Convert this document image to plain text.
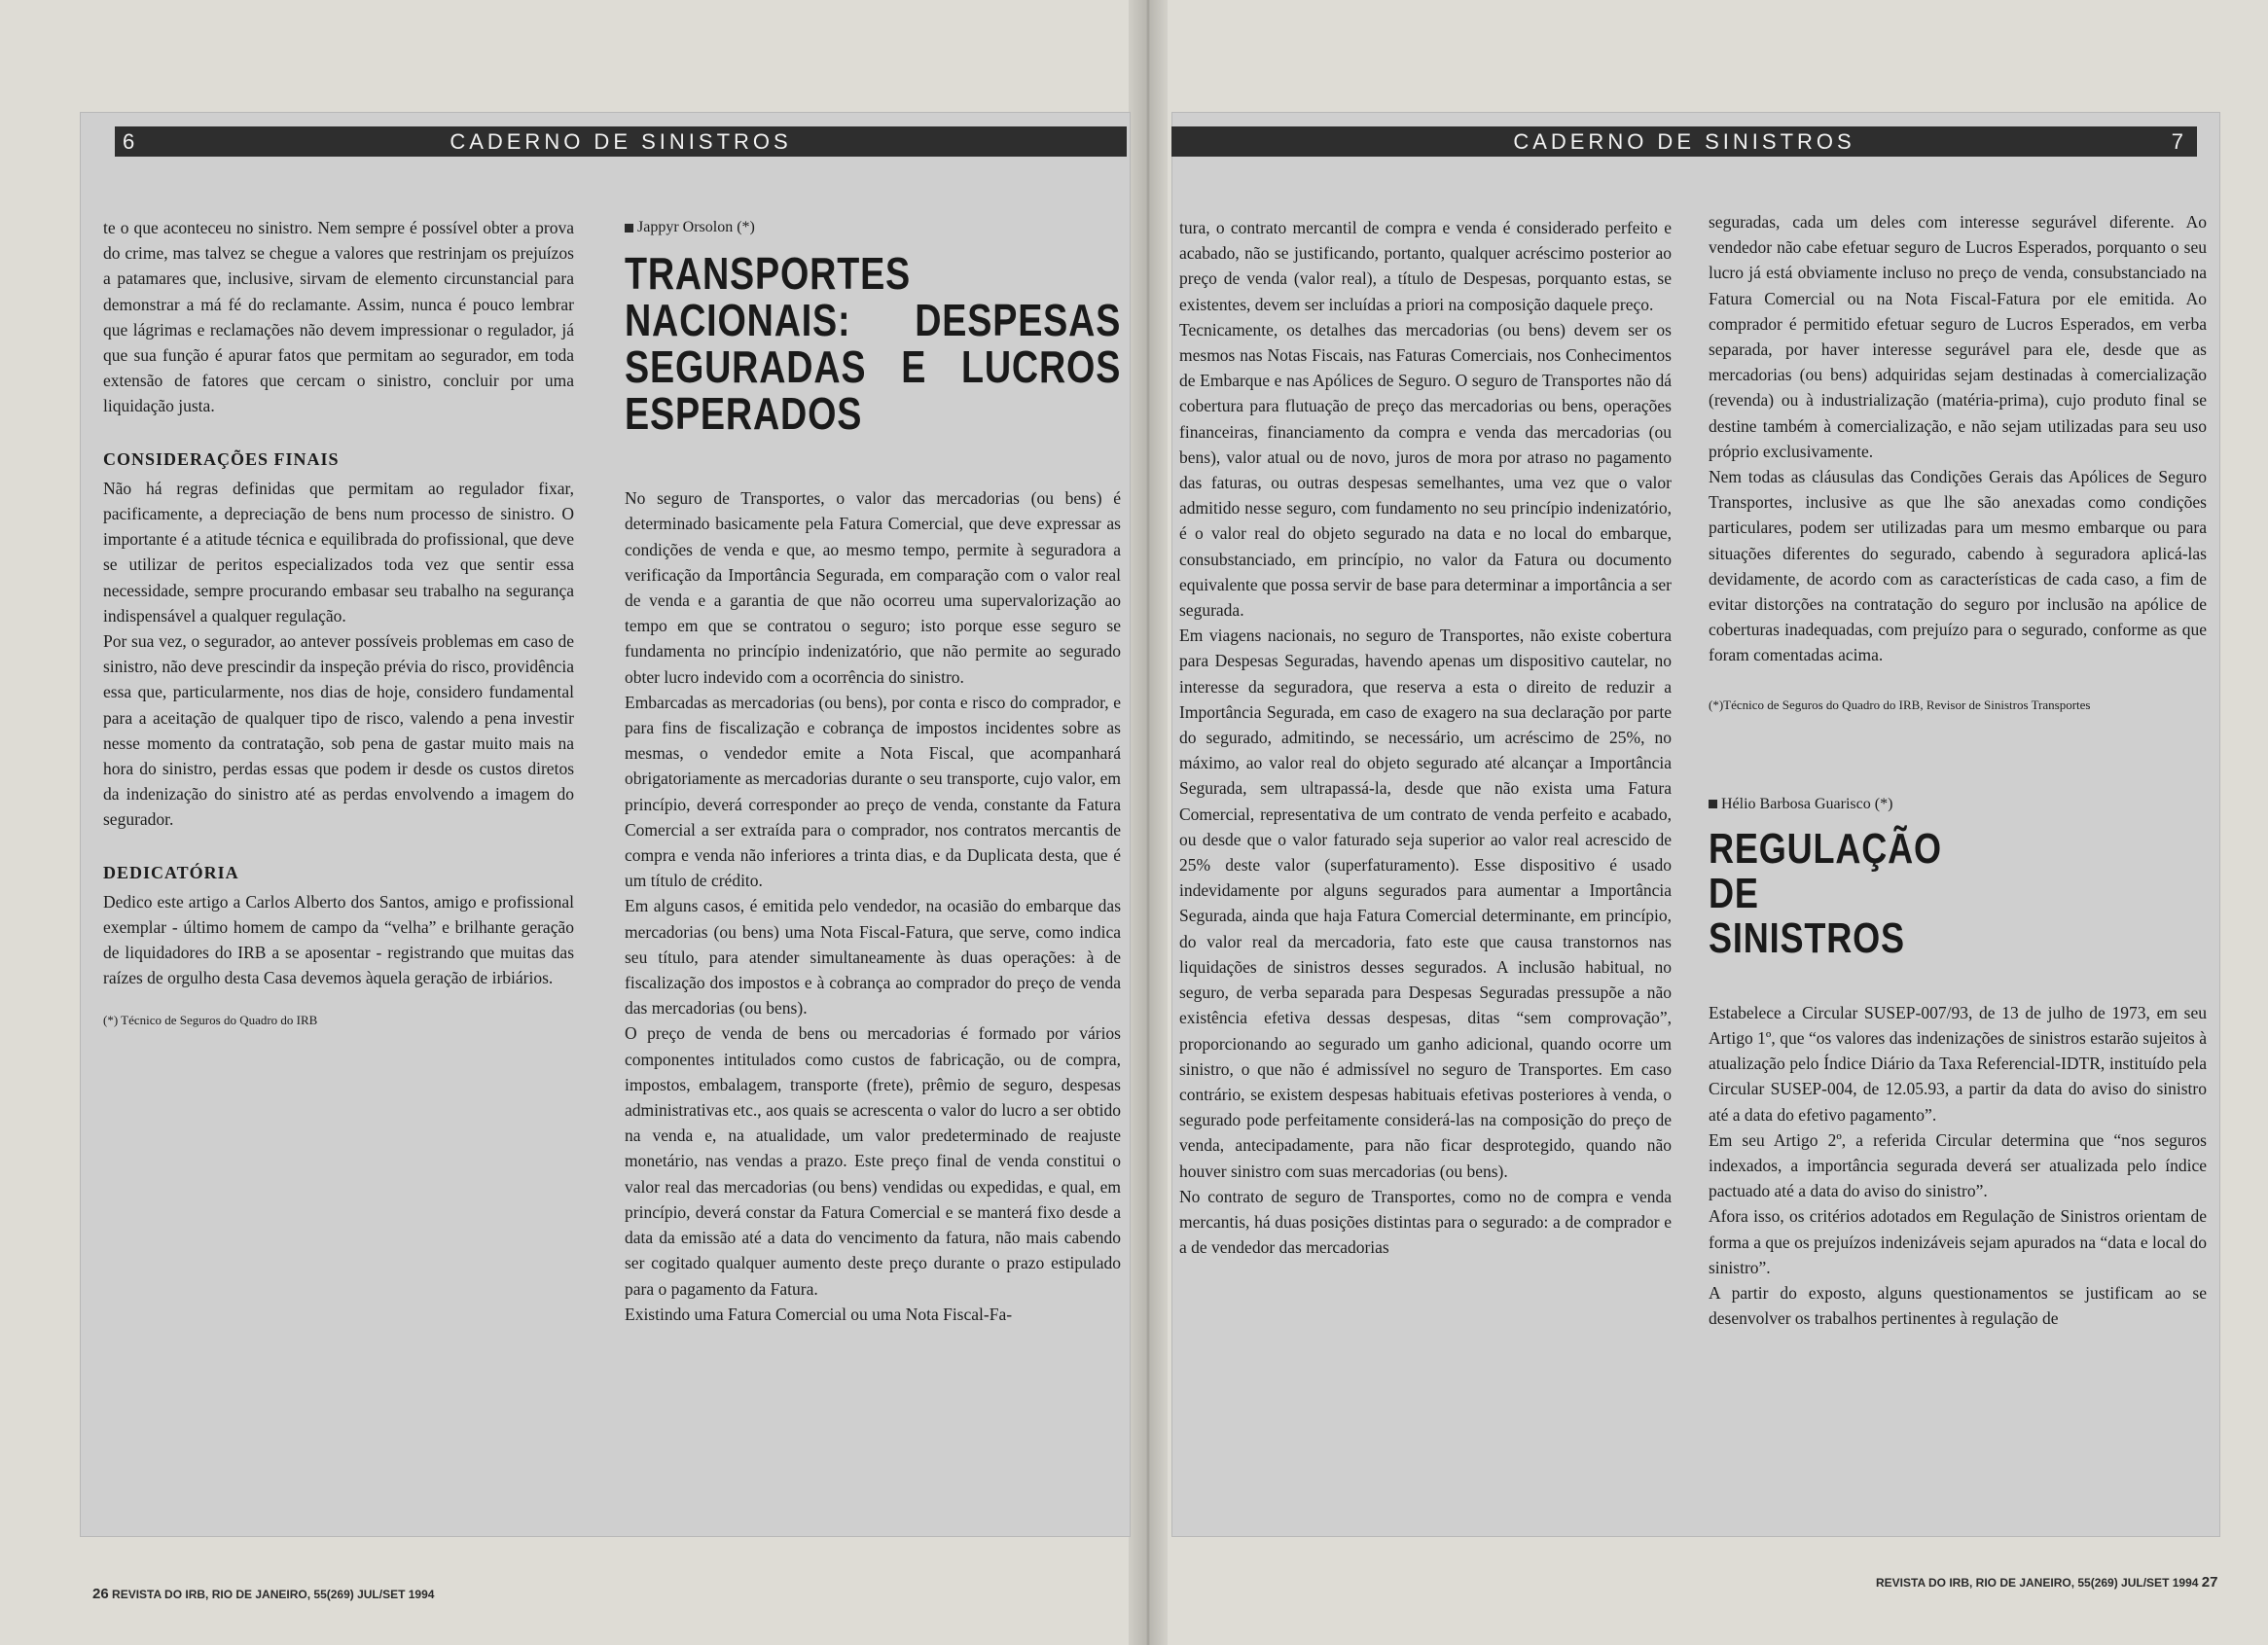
6	CADERNO DE SINISTROS

te o que aconteceu no sinistro. Nem sempre é possível obter a prova do crime, mas talvez se chegue a valores que restrinjam os prejuízos a patamares que, inclusive, sirvam de elemento circunstancial para demonstrar a má fé do reclamante. Assim, nunca é pouco lembrar que lágrimas e reclamações não devem impressionar o regulador, já que sua função é apurar fatos que permitam ao segurador, em toda extensão de fatores que cercam o sinistro, concluir por uma liquidação justa.

CONSIDERAÇÕES FINAIS

Não há regras definidas que permitam ao regulador fixar, pacificamente, a depreciação de bens num processo de sinistro. O importante é a atitude técnica e equilibrada do profissional, que deve se utilizar de peritos especializados toda vez que sentir essa necessidade, sempre procurando embasar seu trabalho na segurança indispensável a qualquer regulação.

Por sua vez, o segurador, ao antever possíveis problemas em caso de sinistro, não deve prescindir da inspeção prévia do risco, providência essa que, particularmente, nos dias de hoje, considero fundamental para a aceitação de qualquer tipo de risco, valendo a pena investir nesse momento da contratação, sob pena de gastar muito mais na hora do sinistro, perdas essas que podem ir desde os custos diretos da indenização do sinistro até as perdas envolvendo a imagem do segurador.

DEDICATÓRIA

Dedico este artigo a Carlos Alberto dos Santos, amigo e profissional exemplar - último homem de campo da “velha” e brilhante geração de liquidadores do IRB a se aposentar - registrando que muitas das raízes de orgulho desta Casa devemos àquela geração de irbiários.

(*) Técnico de Seguros do Quadro do IRB
Jappyr Orsolon (*)
TRANSPORTES NACIONAIS: DESPESAS SEGURADAS E LUCROS ESPERADOS

No seguro de Transportes, o valor das mercadorias (ou bens) é determinado basicamente pela Fatura Comercial, que deve expressar as condições de venda e que, ao mesmo tempo, permite à seguradora a verificação da Importância Segurada, em comparação com o valor real de venda e a garantia de que não ocorreu uma supervalorização ao tempo em que se contratou o seguro; isto porque esse seguro se fundamenta no princípio indenizatório, que não permite ao segurado obter lucro indevido com a ocorrência do sinistro.

Embarcadas as mercadorias (ou bens), por conta e risco do comprador, e para fins de fiscalização e cobrança de impostos incidentes sobre as mesmas, o vendedor emite a Nota Fiscal, que acompanhará obrigatoriamente as mercadorias durante o seu transporte, cujo valor, em princípio, deverá corresponder ao preço de venda, constante da Fatura Comercial a ser extraída para o comprador, nos contratos mercantis de compra e venda não inferiores a trinta dias, e da Duplicata desta, que é um título de crédito.

Em alguns casos, é emitida pelo vendedor, na ocasião do embarque das mercadorias (ou bens) uma Nota Fiscal-Fatura, que serve, como indica seu título, para atender simultaneamente às duas operações: à de fiscalização dos impostos e à cobrança ao comprador do preço de venda das mercadorias (ou bens).

O preço de venda de bens ou mercadorias é formado por vários componentes intitulados como custos de fabricação, ou de compra, impostos, embalagem, transporte (frete), prêmio de seguro, despesas administrativas etc., aos quais se acrescenta o valor do lucro a ser obtido na venda e, na atualidade, um valor predeterminado de reajuste monetário, nas vendas a prazo. Este preço final de venda constitui o valor real das mercadorias (ou bens) vendidas ou expedidas, e qual, em princípio, deverá constar da Fatura Comercial e se manterá fixo desde a data da emissão até a data do vencimento da fatura, não mais cabendo ser cogitado qualquer aumento deste preço durante o prazo estipulado para o pagamento da Fatura.

Existindo uma Fatura Comercial ou uma Nota Fiscal-Fa-

26 REVISTA DO IRB, RIO DE JANEIRO, 55(269) JUL/SET 1994
CADERNO DE SINISTROS	7

tura, o contrato mercantil de compra e venda é considerado perfeito e acabado, não se justificando, portanto, qualquer acréscimo posterior ao preço de venda (valor real), a título de Despesas, porquanto estas, se existentes, devem ser incluídas a priori na composição daquele preço.

Tecnicamente, os detalhes das mercadorias (ou bens) devem ser os mesmos nas Notas Fiscais, nas Faturas Comerciais, nos Conhecimentos de Embarque e nas Apólices de Seguro. O seguro de Transportes não dá cobertura para flutuação de preço das mercadorias ou bens, operações financeiras, financiamento da compra e venda das mercadorias (ou bens), valor atual ou de novo, juros de mora por atraso no pagamento das faturas, ou outras despesas semelhantes, uma vez que o valor admitido nesse seguro, com fundamento no seu princípio indenizatório, é o valor real do objeto segurado na data e no local do embarque, consubstanciado, em princípio, no valor da Fatura ou documento equivalente que possa servir de base para determinar a importância a ser segurada.

Em viagens nacionais, no seguro de Transportes, não existe cobertura para Despesas Seguradas, havendo apenas um dispositivo cautelar, no interesse da seguradora, que reserva a esta o direito de reduzir a Importância Segurada, em caso de exagero na sua declaração por parte do segurado, admitindo, se necessário, um acréscimo de 25%, no máximo, ao valor real do objeto segurado até alcançar a Importância Segurada, sem ultrapassá-la, desde que não exista uma Fatura Comercial, representativa de um contrato de venda perfeito e acabado, ou desde que o valor faturado seja superior ao valor real acrescido de 25% deste valor (superfaturamento). Esse dispositivo é usado indevidamente por alguns segurados para aumentar a Importância Segurada, ainda que haja Fatura Comercial determinante, em princípio, do valor real da mercadoria, fato este que causa transtornos nas liquidações de sinistros desses segurados. A inclusão habitual, no seguro, de verba separada para Despesas Seguradas pressupõe a não existência efetiva dessas despesas, ditas “sem comprovação”, proporcionando ao segurado um ganho adicional, quando ocorre um sinistro, o que não é admissível no seguro de Transportes. Em caso contrário, se existem despesas habituais efetivas posteriores à venda, o segurado pode perfeitamente considerá-las na composição do preço de venda, antecipadamente, para não ficar desprotegido, quando não houver sinistro com suas mercadorias (ou bens).

No contrato de seguro de Transportes, como no de compra e venda mercantis, há duas posições distintas para o segurado: a de comprador e a de vendedor das mercadorias

seguradas, cada um deles com interesse segurável diferente. Ao vendedor não cabe efetuar seguro de Lucros Esperados, porquanto o seu lucro já está obviamente incluso no preço de venda, consubstanciado na Fatura Comercial ou na Nota Fiscal-Fatura por ele emitida. Ao comprador é permitido efetuar seguro de Lucros Esperados, em verba separada, por haver interesse segurável para ele, desde que as mercadorias (ou bens) adquiridas sejam destinadas à comercialização (revenda) ou à industrialização (matéria-prima), cujo produto final se destine também à comercialização, e não sejam utilizadas para seu uso próprio exclusivamente.

Nem todas as cláusulas das Condições Gerais das Apólices de Seguro Transportes, inclusive as que lhe são anexadas como condições particulares, podem ser utilizadas para um mesmo embarque ou para situações diferentes do segurado, cabendo à seguradora aplicá-las devidamente, de acordo com as características de cada caso, a fim de evitar distorções na contratação do seguro por inclusão na apólice de coberturas inadequadas, com prejuízo para o segurado, conforme as que foram comentadas acima.

(*)Técnico de Seguros do Quadro do IRB, Revisor de Sinistros Transportes
Hélio Barbosa Guarisco (*)
REGULAÇÃO DE SINISTROS

Estabelece a Circular SUSEP-007/93, de 13 de julho de 1973, em seu Artigo 1º, que “os valores das indenizações de sinistros estarão sujeitos à atualização pelo Índice Diário da Taxa Referencial-IDTR, instituído pela Circular SUSEP-004, de 12.05.93, a partir da data do aviso do sinistro até a data do efetivo pagamento”.

Em seu Artigo 2º, a referida Circular determina que “nos seguros indexados, a importância segurada deverá ser atualizada pelo índice pactuado até a data do aviso do sinistro”.

Afora isso, os critérios adotados em Regulação de Sinistros orientam de forma a que os prejuízos indenizáveis sejam apurados na “data e local do sinistro”.

A partir do exposto, alguns questionamentos se justificam ao se desenvolver os trabalhos pertinentes à regulação de

REVISTA DO IRB, RIO DE JANEIRO, 55(269) JUL/SET 1994 27
